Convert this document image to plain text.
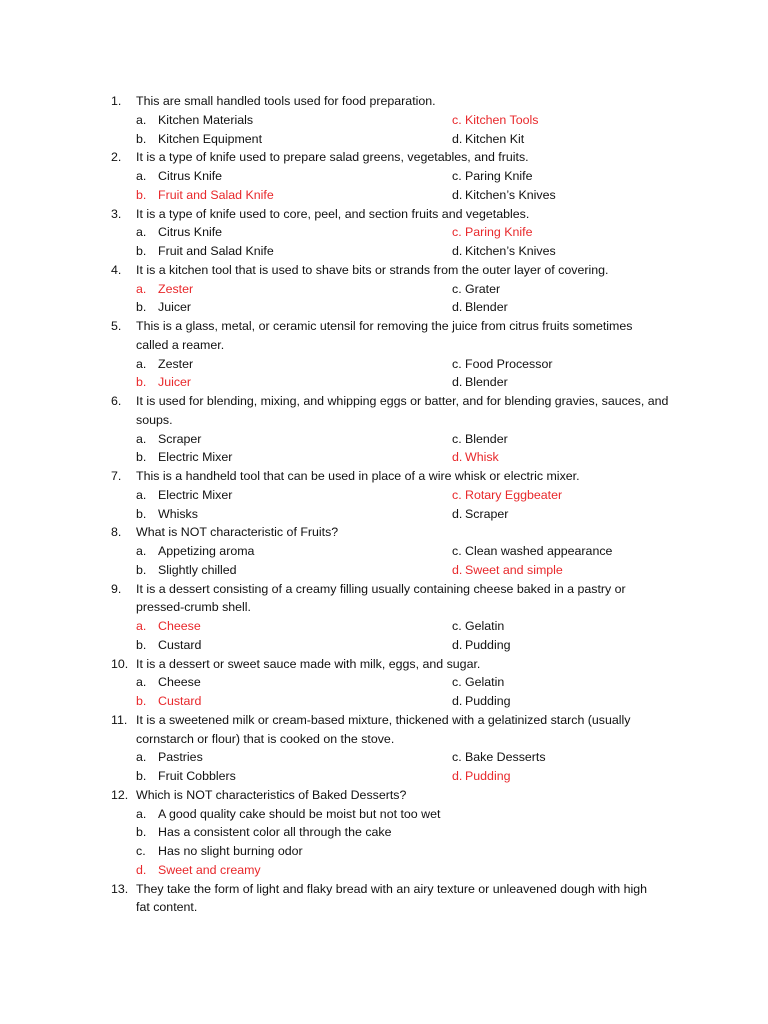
1.	This are small handled tools used for food preparation.
a. Kitchen Materials	c. Kitchen Tools
b. Kitchen Equipment	d. Kitchen Kit
2.	It is a type of knife used to prepare salad greens, vegetables, and fruits.
a. Citrus Knife	c. Paring Knife
b. Fruit and Salad Knife	d. Kitchen’s Knives
3.	It is a type of knife used to core, peel, and section fruits and vegetables.
a. Citrus Knife	c. Paring Knife
b. Fruit and Salad Knife	d. Kitchen’s Knives
4.	It is a kitchen tool that is used to shave bits or strands from the outer layer of covering.
a. Zester	c. Grater
b. Juicer	d. Blender
5.	This is a glass, metal, or ceramic utensil for removing the juice from citrus fruits sometimes
called a reamer.
a. Zester	c. Food Processor
b. Juicer	d. Blender
6.	It is used for blending, mixing, and whipping eggs or batter, and for blending gravies, sauces, and
soups.
a. Scraper	c. Blender
b. Electric Mixer	d. Whisk
7.	This is a handheld tool that can be used in place of a wire whisk or electric mixer.
a. Electric Mixer	c. Rotary Eggbeater
b. Whisks	d. Scraper
8.	What is NOT characteristic of Fruits?
a. Appetizing aroma	c. Clean washed appearance
b. Slightly chilled	d. Sweet and simple
9.	It is a dessert consisting of a creamy filling usually containing cheese baked in a pastry or
pressed-crumb shell.
a. Cheese	c. Gelatin
b. Custard	d. Pudding
10. It is a dessert or sweet sauce made with milk, eggs, and sugar.
a. Cheese	c. Gelatin
b. Custard	d. Pudding
11. It is a sweetened milk or cream-based mixture, thickened with a gelatinized starch (usually
cornstarch or flour) that is cooked on the stove.
a. Pastries	c. Bake Desserts
b. Fruit Cobblers	d. Pudding
12. Which is NOT characteristics of Baked Desserts?
a. A good quality cake should be moist but not too wet
b. Has a consistent color all through the cake
c. Has no slight burning odor
d. Sweet and creamy
13. They take the form of light and flaky bread with an airy texture or unleavened dough with high
fat content.
